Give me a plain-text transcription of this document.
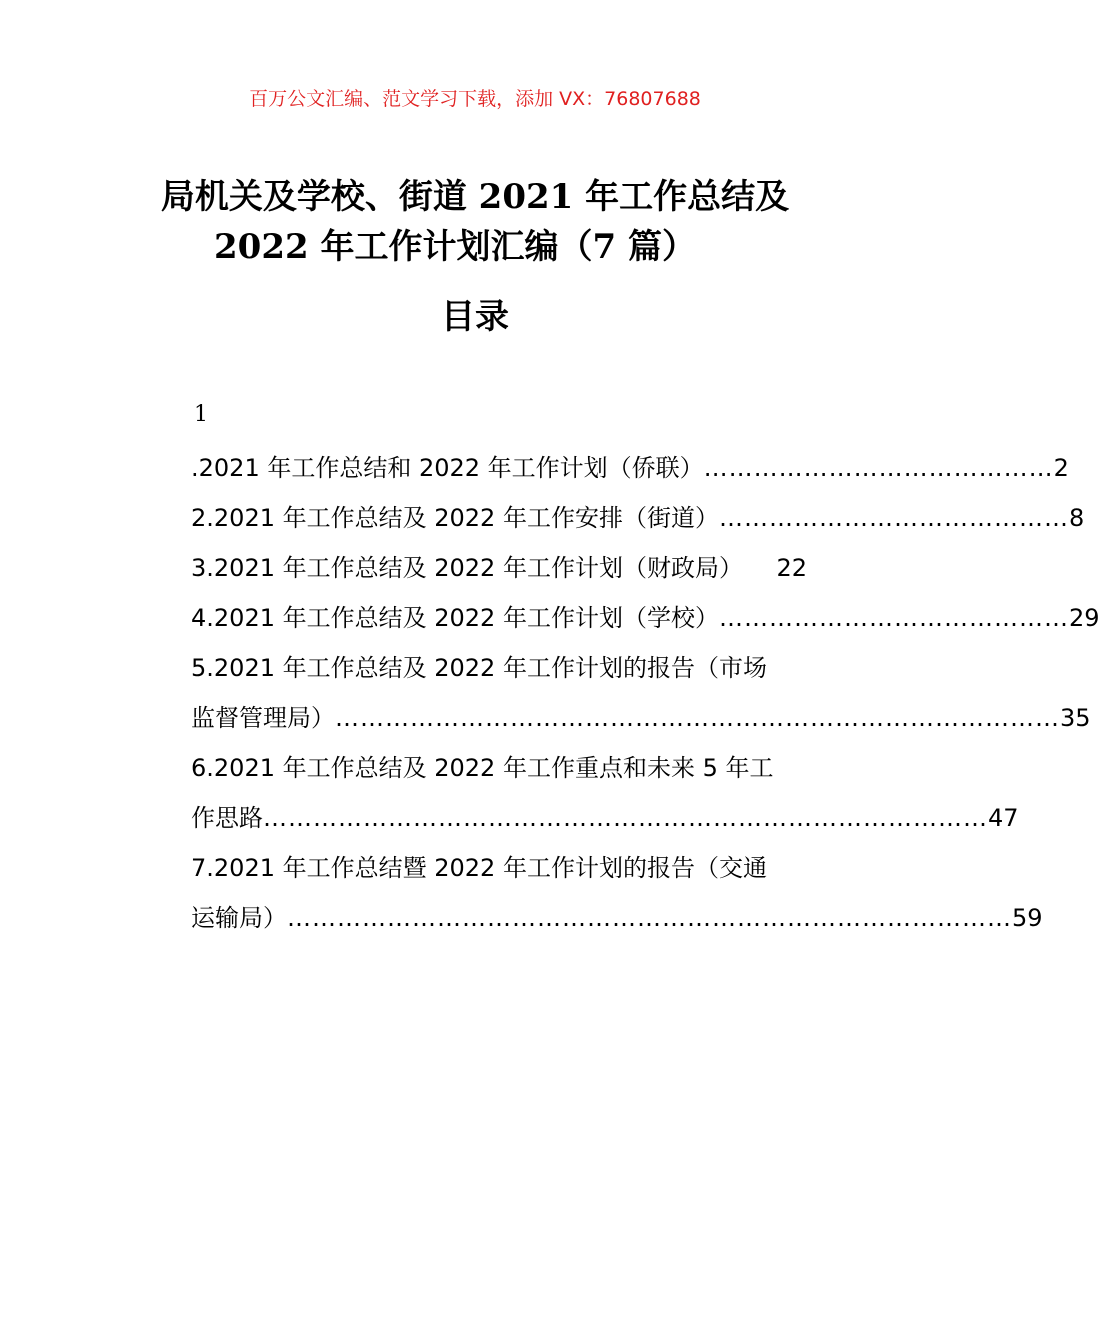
百万公文汇编、范文学习下载，添加 VX：76807688
局机关及学校、街道 2021 年工作总结及
2022 年工作计划汇编（7 篇）
目录
1
.2021 年工作总结和 2022 年工作计划（侨联） …………………………………… 2
2.2021 年工作总结及 2022 年工作安排（街道） …………………………………… 8
3.2021 年工作总结及 2022 年工作计划（财政局） 22
4.2021 年工作总结及 2022 年工作计划（学校） …………………………………… 29
5.2021 年工作总结及 2022 年工作计划的报告（市场
监督管理局） …………………………………………………………………………… 35
6.2021 年工作总结及 2022 年工作重点和未来 5 年工
作思路 …………………………………………………………………………… 47
7.2021 年工作总结暨 2022 年工作计划的报告（交通
运输局） …………………………………………………………………………… 59
